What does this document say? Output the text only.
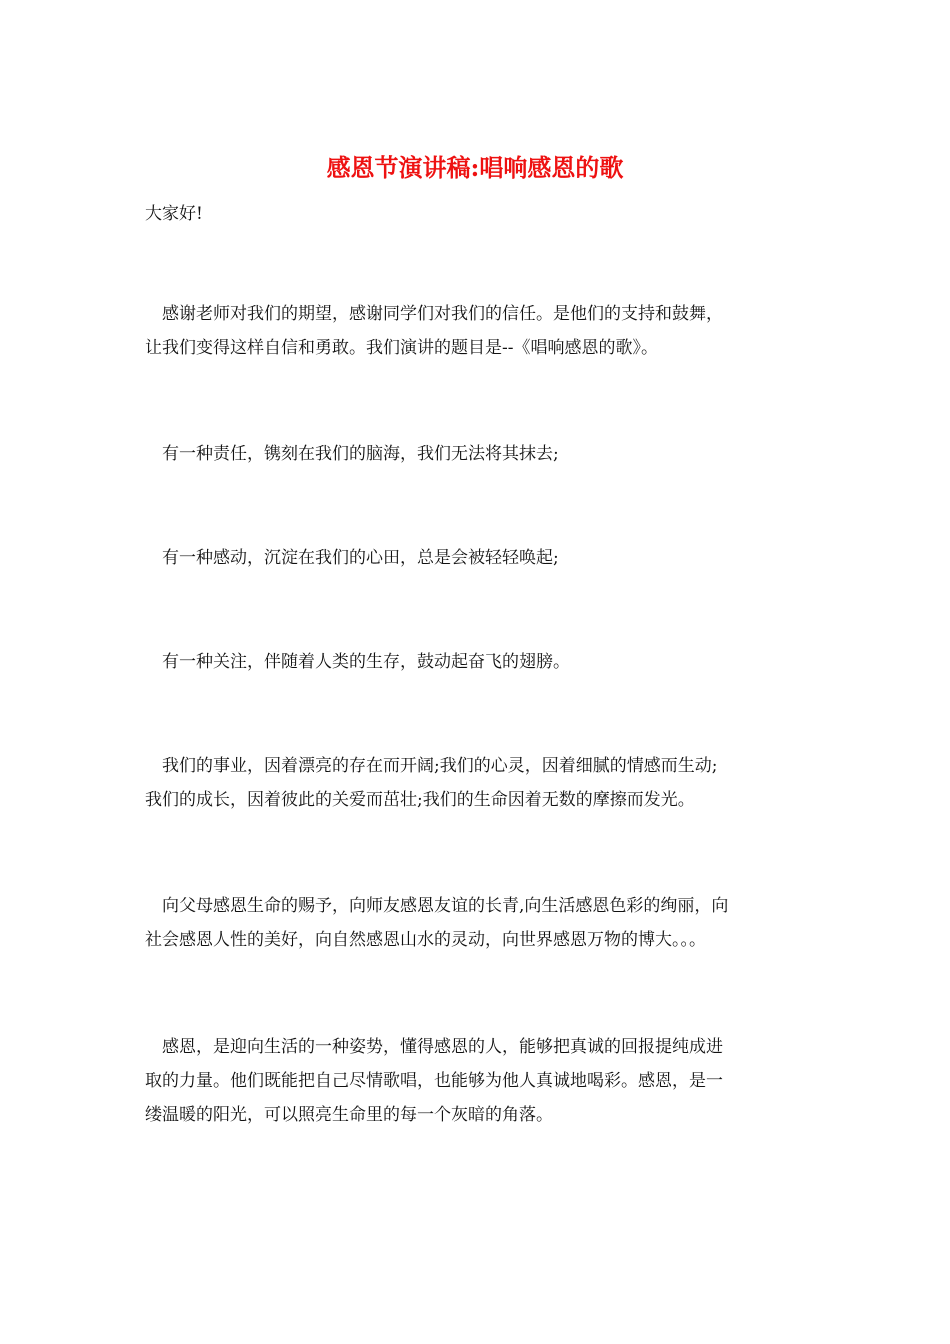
感恩节演讲稿:唱响感恩的歌

大家好!

　感谢老师对我们的期望，感谢同学们对我们的信任。是他们的支持和鼓舞，
让我们变得这样自信和勇敢。我们演讲的题目是--《唱响感恩的歌》。

　有一种责任，镌刻在我们的脑海，我们无法将其抹去;

　有一种感动，沉淀在我们的心田，总是会被轻轻唤起;

　有一种关注，伴随着人类的生存，鼓动起奋飞的翅膀。

　我们的事业，因着漂亮的存在而开阔;我们的心灵，因着细腻的情感而生动;
我们的成长，因着彼此的关爱而茁壮;我们的生命因着无数的摩擦而发光。

　向父母感恩生命的赐予，向师友感恩友谊的长青,向生活感恩色彩的绚丽，向
社会感恩人性的美好，向自然感恩山水的灵动，向世界感恩万物的博大。。。

　感恩，是迎向生活的一种姿势，懂得感恩的人，能够把真诚的回报提纯成进
取的力量。他们既能把自己尽情歌唱，也能够为他人真诚地喝彩。感恩，是一
缕温暖的阳光，可以照亮生命里的每一个灰暗的角落。
